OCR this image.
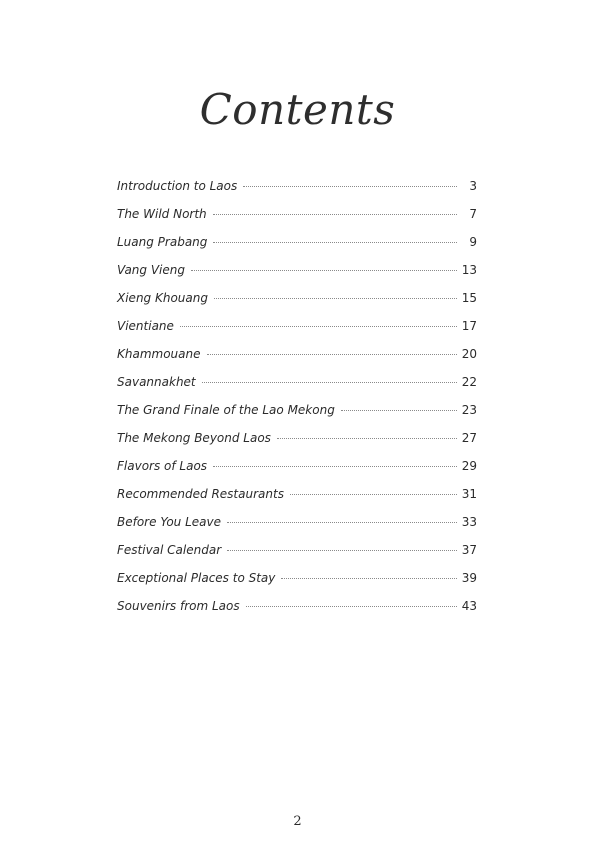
Contents
Introduction to Laos	3
The Wild North	7
Luang Prabang	9
Vang Vieng	13
Xieng Khouang	15
Vientiane	17
Khammouane	20
Savannakhet	22
The Grand Finale of the Lao Mekong	23
The Mekong Beyond Laos	27
Flavors of Laos	29
Recommended Restaurants	31
Before You Leave	33
Festival Calendar	37
Exceptional Places to Stay	39
Souvenirs from Laos	43
2
